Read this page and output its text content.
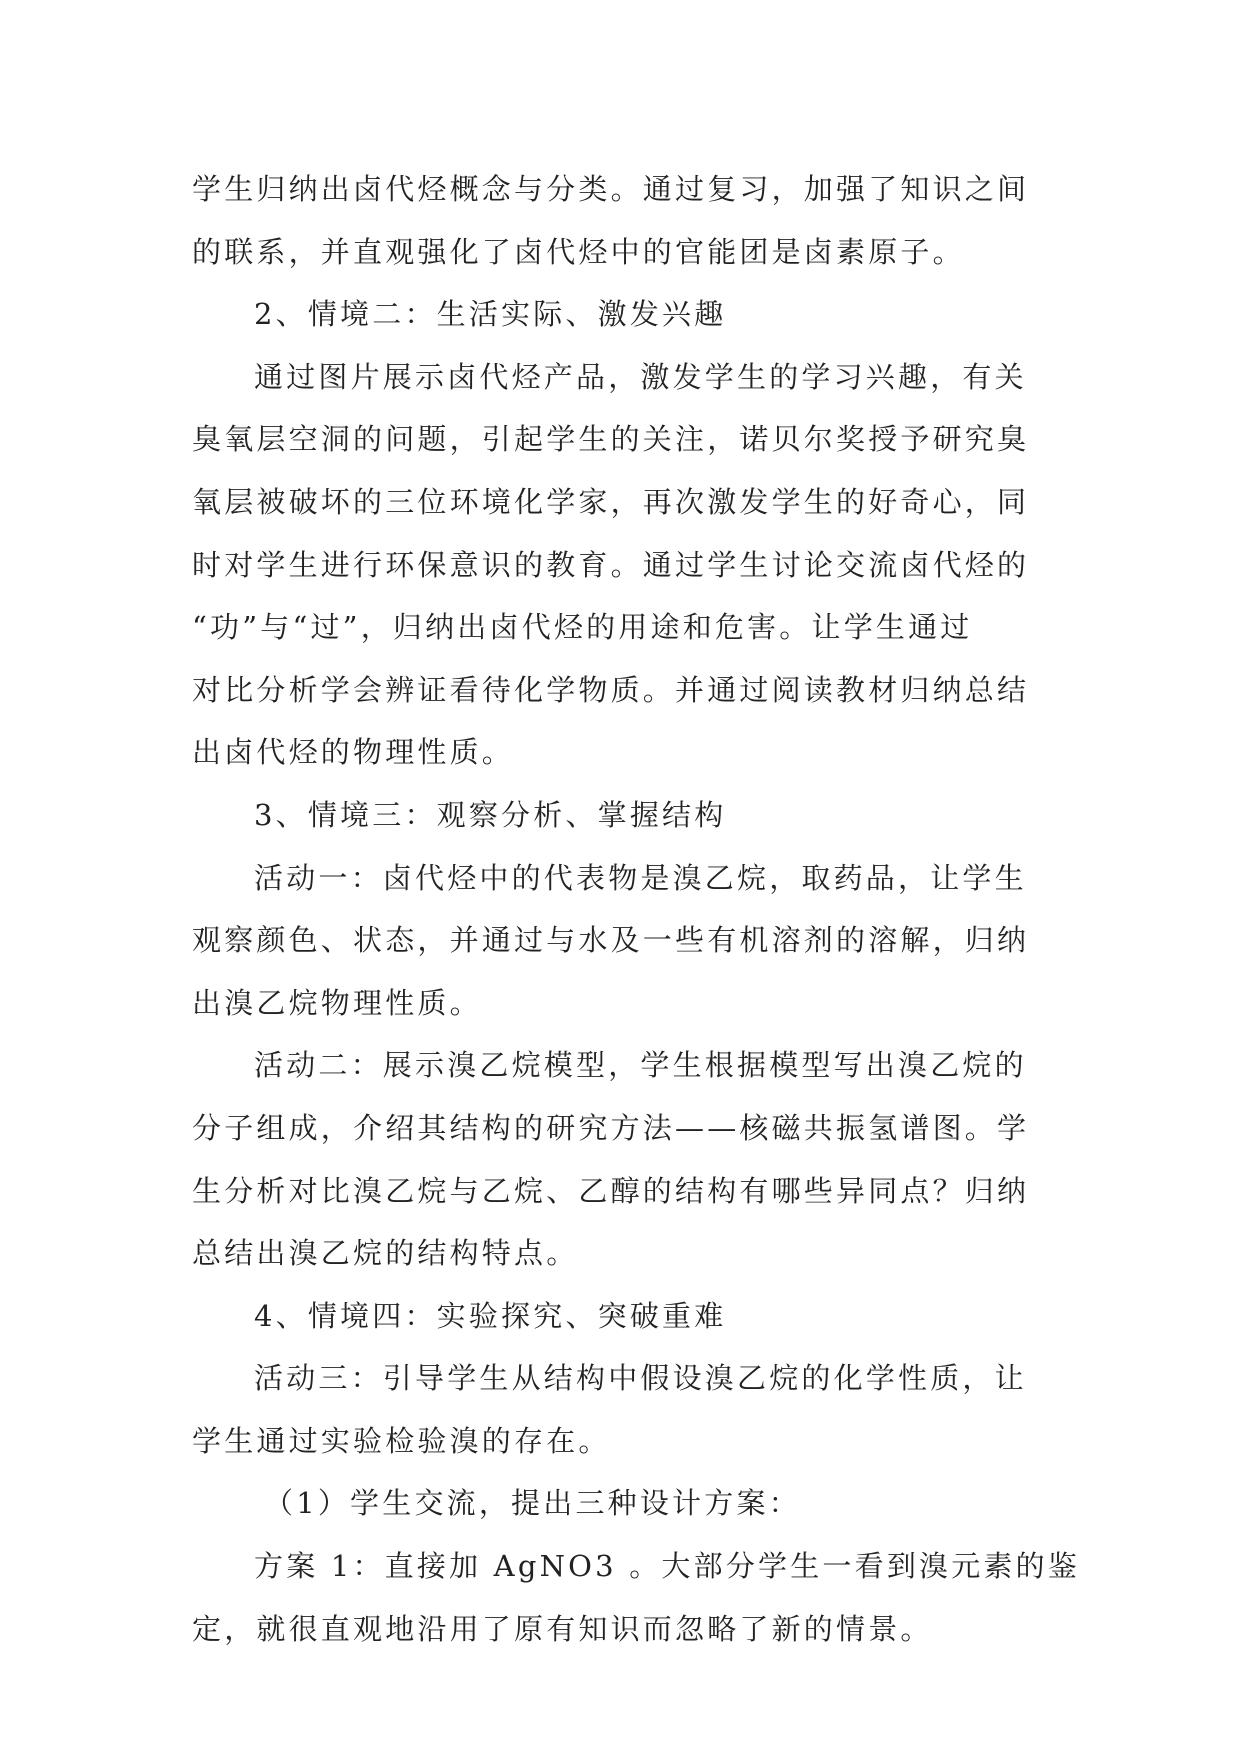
学生归纳出卤代烃概念与分类。通过复习，加强了知识之间
的联系，并直观强化了卤代烃中的官能团是卤素原子。
2、情境二：生活实际、激发兴趣
通过图片展示卤代烃产品，激发学生的学习兴趣，有关
臭氧层空洞的问题，引起学生的关注，诺贝尔奖授予研究臭
氧层被破坏的三位环境化学家，再次激发学生的好奇心，同
时对学生进行环保意识的教育。通过学生讨论交流卤代烃的
“功”与“过”，归纳出卤代烃的用途和危害。让学生通过
对比分析学会辨证看待化学物质。并通过阅读教材归纳总结
出卤代烃的物理性质。
3、情境三：观察分析、掌握结构
活动一：卤代烃中的代表物是溴乙烷，取药品，让学生
观察颜色、状态，并通过与水及一些有机溶剂的溶解，归纳
出溴乙烷物理性质。
活动二：展示溴乙烷模型，学生根据模型写出溴乙烷的
分子组成，介绍其结构的研究方法——核磁共振氢谱图。学
生分析对比溴乙烷与乙烷、乙醇的结构有哪些异同点？归纳
总结出溴乙烷的结构特点。
4、情境四：实验探究、突破重难
活动三：引导学生从结构中假设溴乙烷的化学性质，让
学生通过实验检验溴的存在。
（1）学生交流，提出三种设计方案：
方案 1：直接加 AgNO3 。大部分学生一看到溴元素的鉴
定，就很直观地沿用了原有知识而忽略了新的情景。
